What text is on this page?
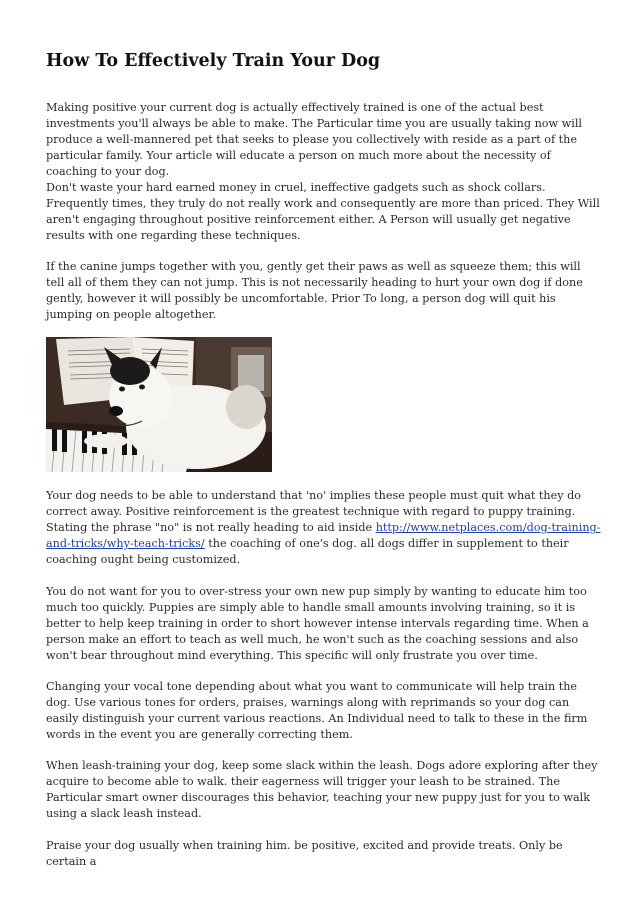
How To Effectively Train Your Dog

Making positive your current dog is actually effectively trained is one of the actual best investments you'll always be able to make. The Particular time you are usually taking now will produce a well-mannered pet that seeks to please you collectively with reside as a part of the particular family. Your article will educate a person on much more about the necessity of coaching to your dog.

Don't waste your hard earned money in cruel, ineffective gadgets such as shock collars. Frequently times, they truly do not really work and consequently are more than priced. They Will aren't engaging throughout positive reinforcement either. A Person will usually get negative results with one regarding these techniques.

If the canine jumps together with you, gently get their paws as well as squeeze them; this will tell all of them they can not jump. This is not necessarily heading to hurt your own dog if done gently, however it will possibly be uncomfortable. Prior To long, a person dog will quit his jumping on people altogether.

Your dog needs to be able to understand that 'no' implies these people must quit what they do correct away. Positive reinforcement is the greatest technique with regard to puppy training. Stating the phrase "no" is not really heading to aid inside http://www.netplaces.com/dog-training-and-tricks/why-teach-tricks/ the coaching of one's dog. all dogs differ in supplement to their coaching ought being customized.

You do not want for you to over-stress your own new pup simply by wanting to educate him too much too quickly. Puppies are simply able to handle small amounts involving training, so it is better to help keep training in order to short however intense intervals regarding time. When a person make an effort to teach as well much, he won't such as the coaching sessions and also won't bear throughout mind everything. This specific will only frustrate you over time.

Changing your vocal tone depending about what you want to communicate will help train the dog. Use various tones for orders, praises, warnings along with reprimands so your dog can easily distinguish your current various reactions. An Individual need to talk to these in the firm words in the event you are generally correcting them.

When leash-training your dog, keep some slack within the leash. Dogs adore exploring after they acquire to become able to walk. their eagerness will trigger your leash to be strained. The Particular smart owner discourages this behavior, teaching your new puppy just for you to walk using a slack leash instead.

Praise your dog usually when training him. be positive, excited and provide treats. Only be certain a
